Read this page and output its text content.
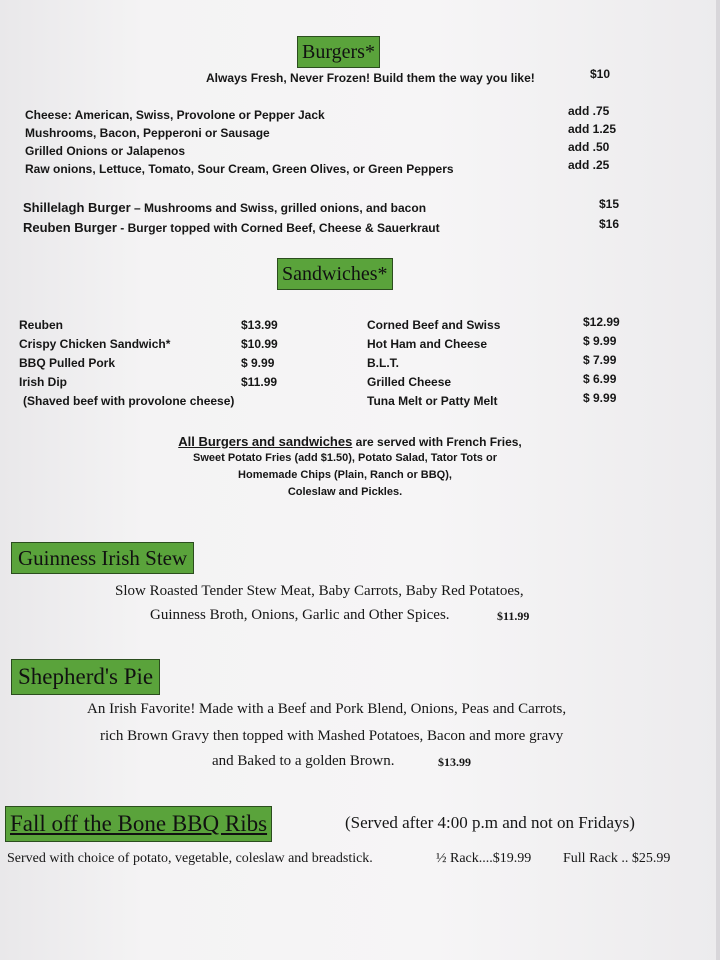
Burgers*
Always Fresh, Never Frozen! Build them the way you like!	$10
Cheese: American, Swiss, Provolone or Pepper Jack	add .75
Mushrooms, Bacon, Pepperoni or Sausage	add 1.25
Grilled Onions or Jalapenos	add .50
Raw onions, Lettuce, Tomato, Sour Cream, Green Olives, or Green Peppers	add .25
Shillelagh Burger – Mushrooms and Swiss, grilled onions, and bacon	$15
Reuben Burger - Burger topped with Corned Beef, Cheese & Sauerkraut	$16
Sandwiches*
Reuben	$13.99
Crispy Chicken Sandwich*	$10.99
BBQ Pulled Pork	$ 9.99
Irish Dip	$11.99
(Shaved beef with provolone cheese)
Corned Beef and Swiss	$12.99
Hot Ham and Cheese	$ 9.99
B.L.T.	$ 7.99
Grilled Cheese	$ 6.99
Tuna Melt or Patty Melt	$ 9.99
All Burgers and sandwiches are served with French Fries,
Sweet Potato Fries (add $1.50), Potato Salad, Tator Tots or
Homemade Chips (Plain, Ranch or BBQ),
Coleslaw and Pickles.
Guinness Irish Stew
Slow Roasted Tender Stew Meat, Baby Carrots, Baby Red Potatoes,
Guinness Broth, Onions, Garlic and Other Spices.	$11.99
Shepherd's Pie
An Irish Favorite! Made with a Beef and Pork Blend, Onions, Peas and Carrots,
rich Brown Gravy then topped with Mashed Potatoes, Bacon and more gravy
and Baked to a golden Brown.	$13.99
Fall off the Bone BBQ Ribs	(Served after 4:00 p.m and not on Fridays)
Served with choice of potato, vegetable, coleslaw and breadstick.	½ Rack....$19.99 Full Rack .. $25.99
